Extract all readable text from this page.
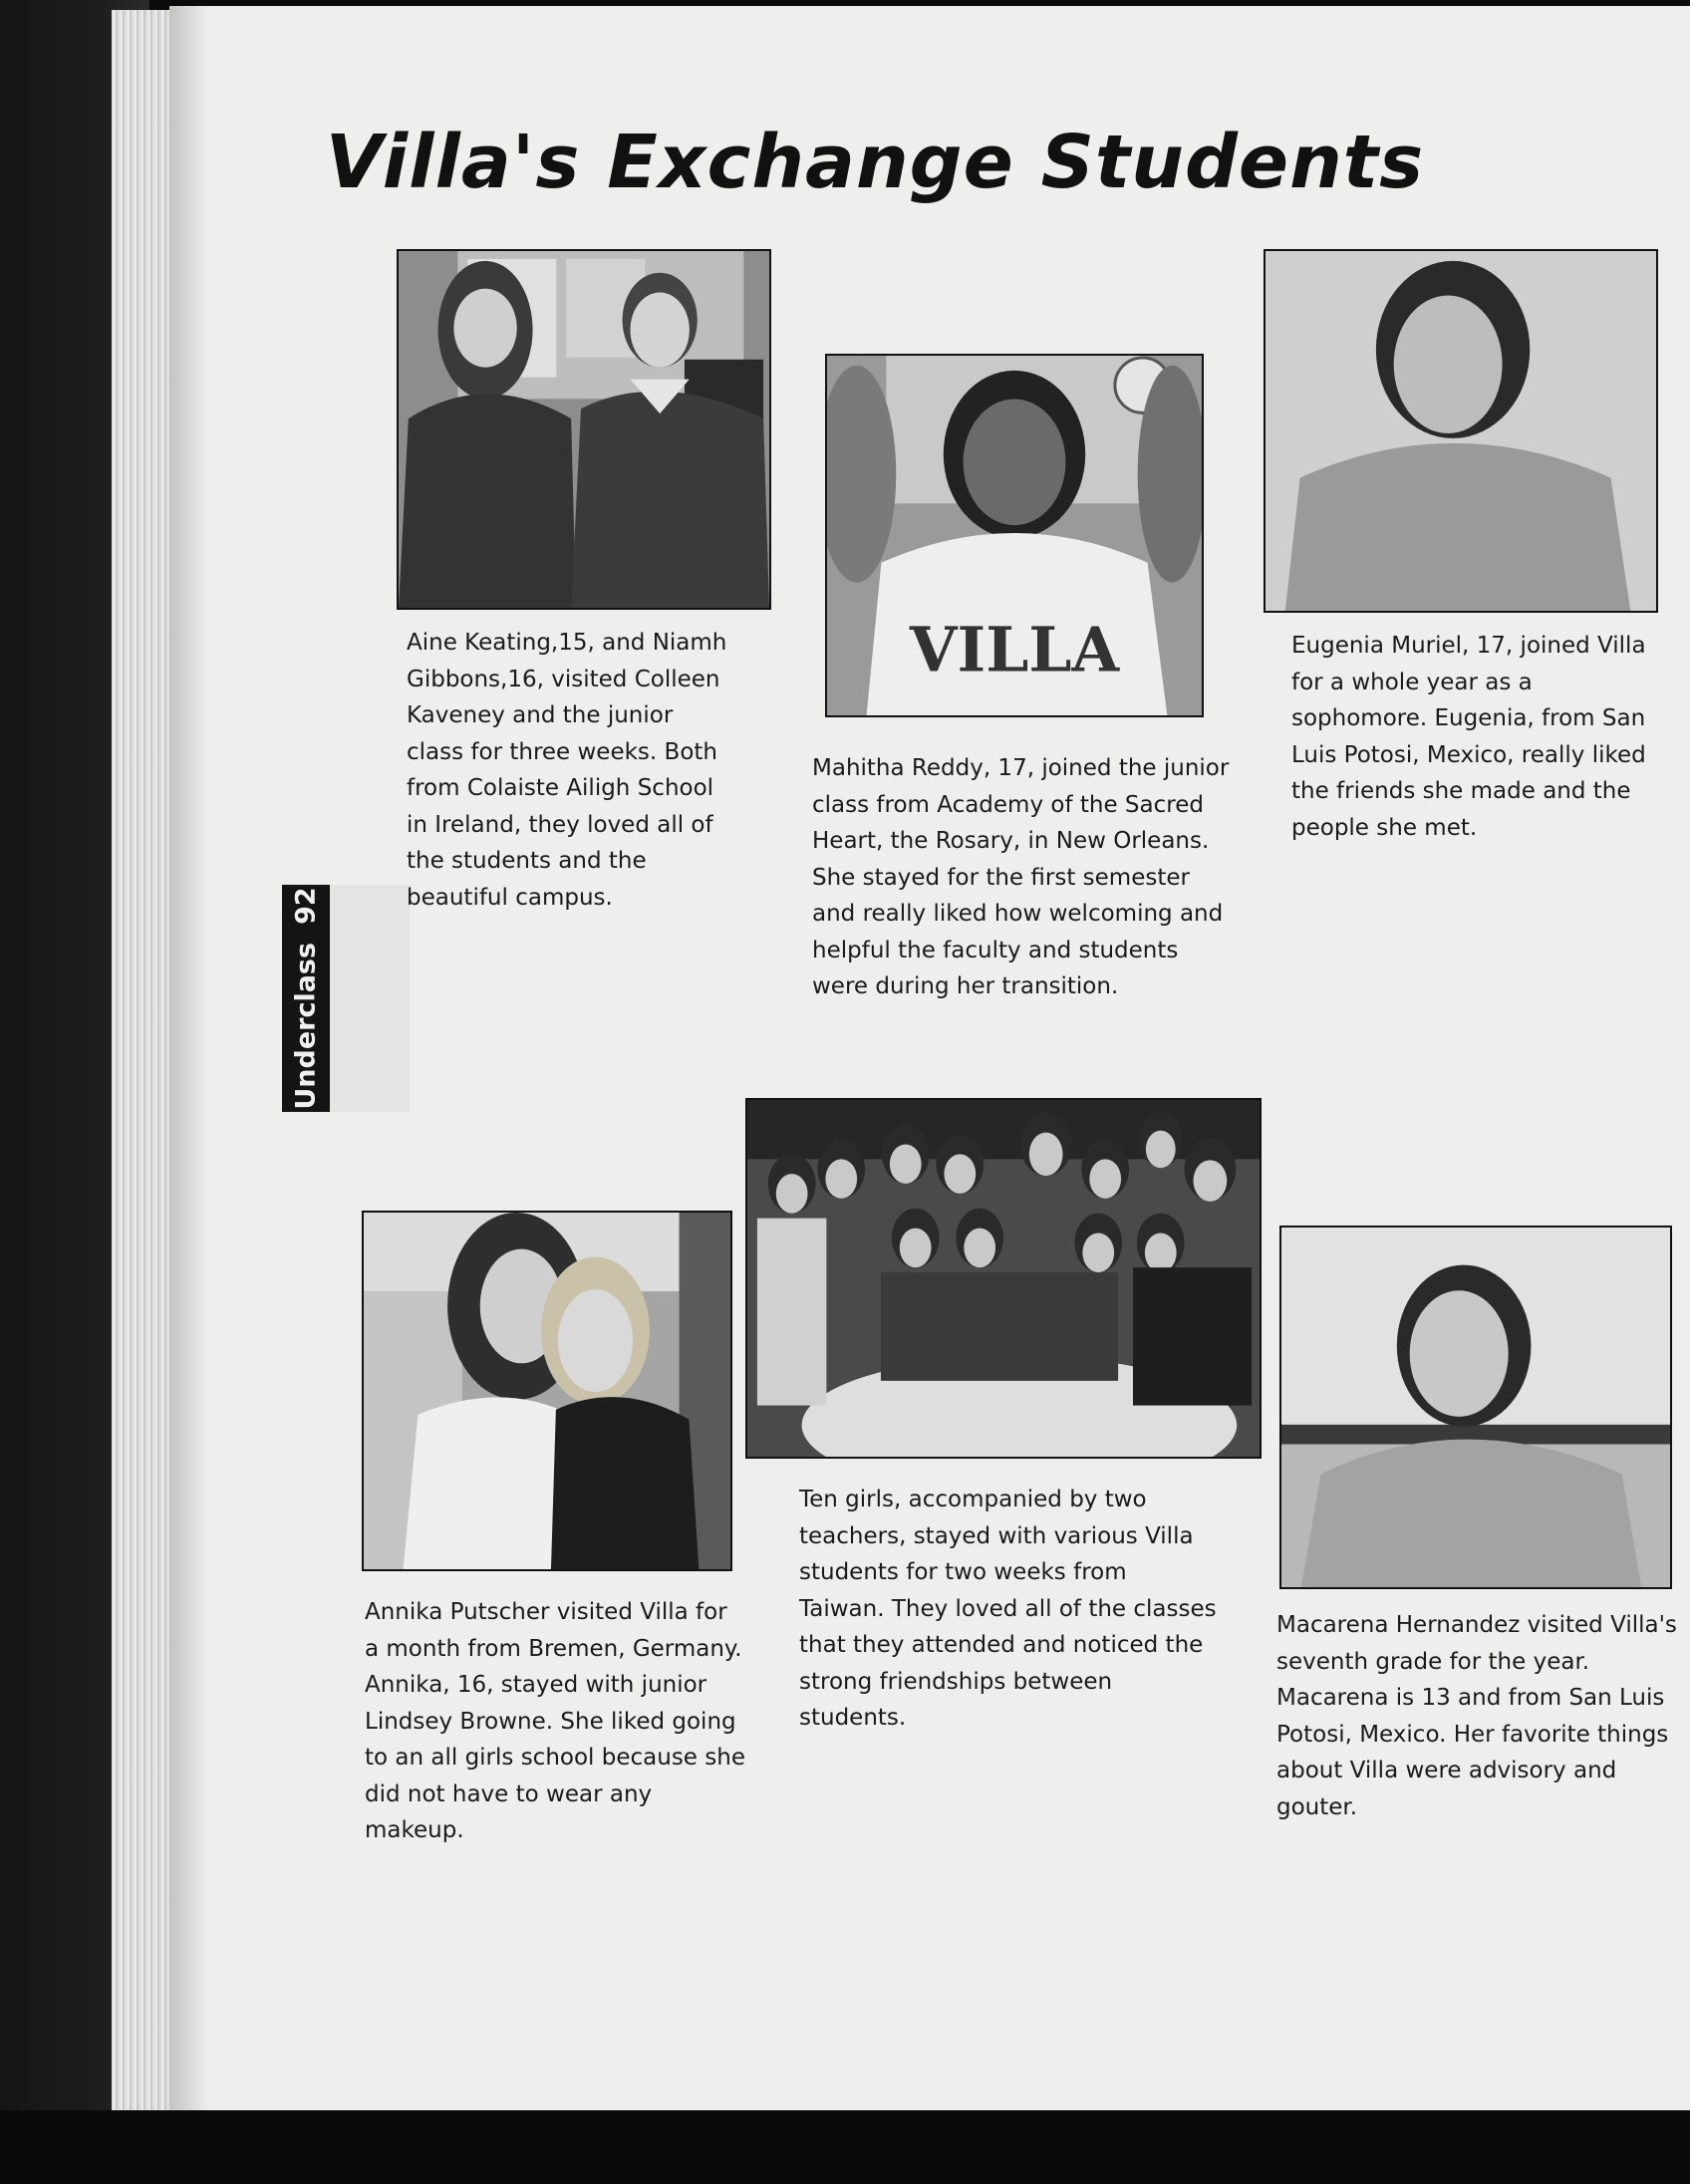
Villa's Exchange Students
Underclass92
Aine Keating,15, and Niamh Gibbons,16, visited Colleen Kaveney and the junior class for three weeks. Both from Colaiste Ailigh School in Ireland, they loved all of the students and the beautiful campus.
VILLA
Mahitha Reddy, 17, joined the junior class from Academy of the Sacred Heart, the Rosary, in New Orleans. She stayed for the first semester and really liked how welcoming and helpful the faculty and students were during her transition.
Eugenia Muriel, 17, joined Villa for a whole year as a sophomore. Eugenia, from San Luis Potosi, Mexico, really liked the friends she made and the people she met.
Annika Putscher visited Villa for a month from Bremen, Germany. Annika, 16, stayed with junior Lindsey Browne. She liked going to an all girls school because she did not have to wear any makeup.
Ten girls, accompanied by two teachers, stayed with various Villa students for two weeks from Taiwan. They loved all of the classes that they attended and noticed the strong friendships between students.
Macarena Hernandez visited Villa's seventh grade for the year. Macarena is 13 and from San Luis Potosi, Mexico. Her favorite things about Villa were advisory and gouter.
